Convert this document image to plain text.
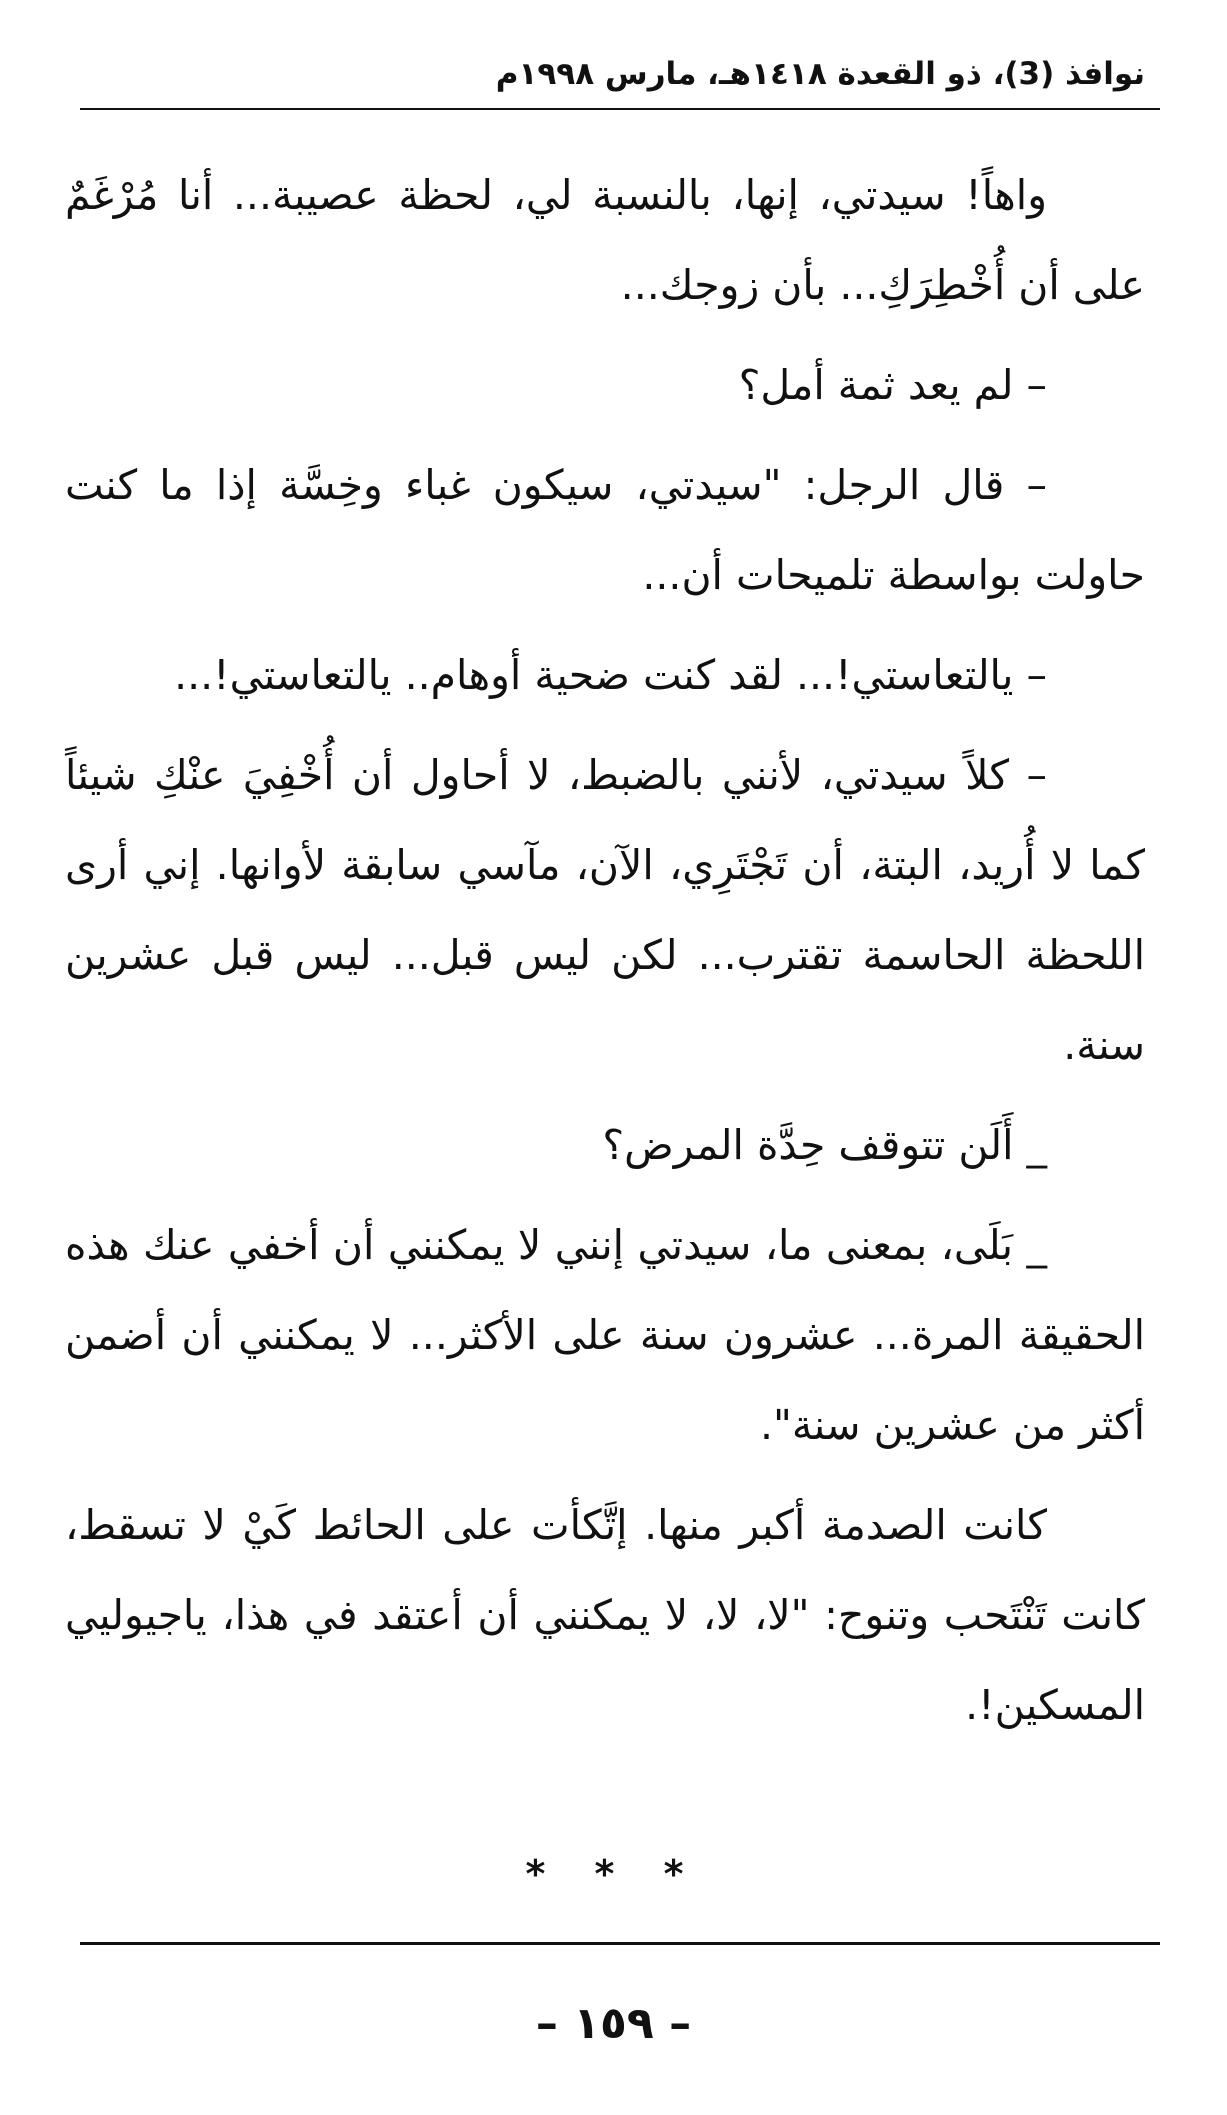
نوافذ (3)، ذو القعدة ١٤١٨هـ، مارس ١٩٩٨م

واهاً! سيدتي، إنها، بالنسبة لي، لحظة عصيبة... أنا مُرْغَمٌ على أن أُخْطِرَكِ... بأن زوجك...

– لم يعد ثمة أمل؟

– قال الرجل: "سيدتي، سيكون غباء وخِسَّة إذا ما كنت حاولت بواسطة تلميحات أن...

– يالتعاستي!... لقد كنت ضحية أوهام.. يالتعاستي!...

– كلاً سيدتي، لأنني بالضبط، لا أحاول أن أُخْفِيَ عنْكِ شيئاً كما لا أُريد، البتة، أن تَجْتَرِي، الآن، مآسي سابقة لأوانها. إني أرى اللحظة الحاسمة تقترب... لكن ليس قبل... ليس قبل عشرين سنة.

_ أَلَن تتوقف حِدَّة المرض؟

_ بَلَى، بمعنى ما، سيدتي إنني لا يمكنني أن أخفي عنك هذه الحقيقة المرة... عشرون سنة على الأكثر... لا يمكنني أن أضمن أكثر من عشرين سنة".

كانت الصدمة أكبر منها. إتَّكأت على الحائط كَيْ لا تسقط، كانت تَنْتَحب وتنوح: "لا، لا، لا يمكنني أن أعتقد في هذا، ياجيوليي المسكين!.

* * *
– ١٥٩ –
